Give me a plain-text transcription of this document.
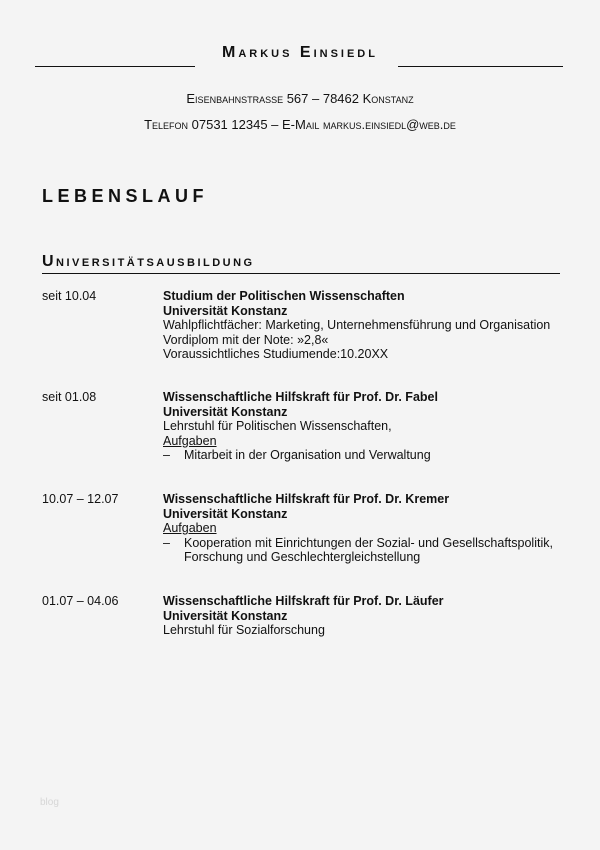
Markus Einsiedl
Eisenbahnstrasse 567 – 78462 Konstanz
Telefon 07531 12345 – E-Mail markus.einsiedl@web.de
LEBENSLAUF
Universitätsausbildung
seit 10.04	Studium der Politischen Wissenschaften
Universität Konstanz
Wahlpflichtfächer: Marketing, Unternehmensführung und Organisation
Vordiplom mit der Note: »2,8«
Voraussichtliches Studiumende:10.20XX
seit 01.08	Wissenschaftliche Hilfskraft für Prof. Dr. Fabel
Universität Konstanz
Lehrstuhl für Politischen Wissenschaften,
Aufgaben
–	Mitarbeit in der Organisation und Verwaltung
10.07 – 12.07	Wissenschaftliche Hilfskraft für Prof. Dr. Kremer
Universität Konstanz
Aufgaben
–	Kooperation mit Einrichtungen der Sozial- und Gesellschaftspolitik, Forschung und Geschlechtergleichstellung
01.07 – 04.06	Wissenschaftliche Hilfskraft für Prof. Dr. Läufer
Universität Konstanz
Lehrstuhl für Sozialforschung
blog
